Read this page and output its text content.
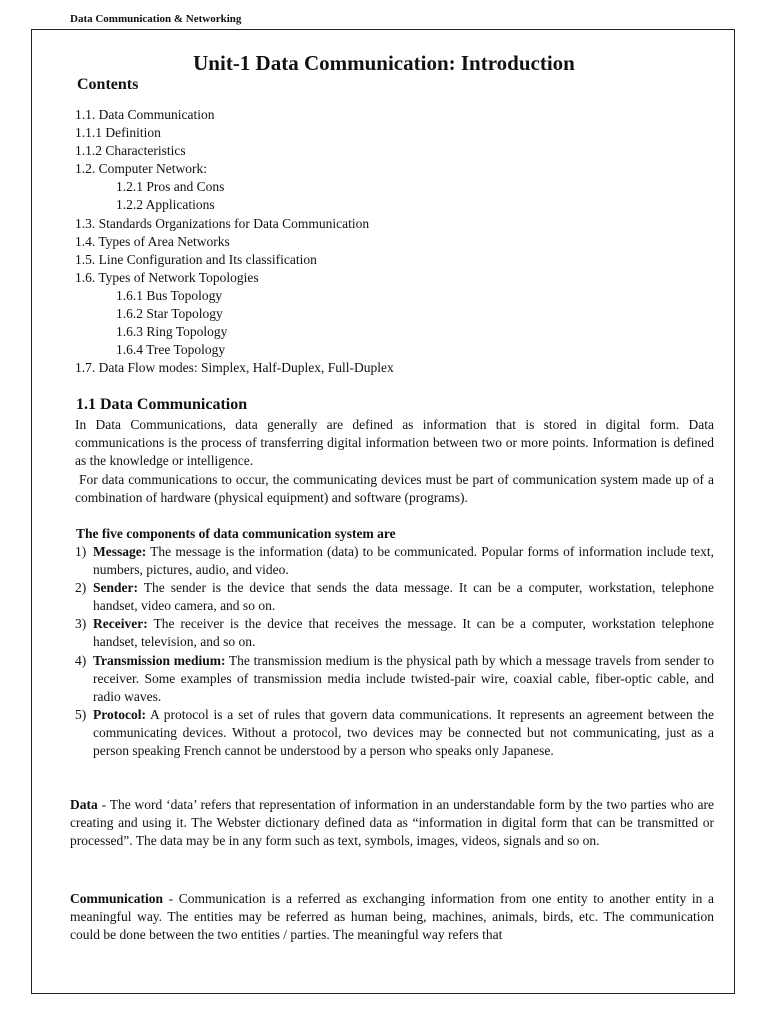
Data Communication & Networking
Unit-1 Data Communication: Introduction
Contents
1.1. Data Communication
1.1.1 Definition
1.1.2 Characteristics
1.2. Computer Network:
1.2.1 Pros and Cons
1.2.2 Applications
1.3. Standards Organizations for Data Communication
1.4. Types of Area Networks
1.5. Line Configuration and Its classification
1.6. Types of Network Topologies
1.6.1 Bus Topology
1.6.2 Star Topology
1.6.3 Ring Topology
1.6.4 Tree Topology
1.7. Data Flow modes: Simplex, Half-Duplex, Full-Duplex
1.1 Data Communication

In Data Communications, data generally are defined as information that is stored in digital form. Data communications is the process of transferring digital information between two or more points. Information is defined as the knowledge or intelligence.

For data communications to occur, the communicating devices must be part of communication system made up of a combination of hardware (physical equipment) and software (programs).

The five components of data communication system are
1) Message: The message is the information (data) to be communicated. Popular forms of information include text, numbers, pictures, audio, and video.
2) Sender: The sender is the device that sends the data message. It can be a computer, workstation, telephone handset, video camera, and so on.
3) Receiver: The receiver is the device that receives the message. It can be a computer, workstation telephone handset, television, and so on.
4) Transmission medium: The transmission medium is the physical path by which a message travels from sender to receiver. Some examples of transmission media include twisted-pair wire, coaxial cable, fiber-optic cable, and radio waves.
5) Protocol: A protocol is a set of rules that govern data communications. It represents an agreement between the communicating devices. Without a protocol, two devices may be connected but not communicating, just as a person speaking French cannot be understood by a person who speaks only Japanese.

Data - The word ‘data’ refers that representation of information in an understandable form by the two parties who are creating and using it. The Webster dictionary defined data as “information in digital form that can be transmitted or processed”. The data may be in any form such as text, symbols, images, videos, signals and so on.

Communication - Communication is a referred as exchanging information from one entity to another entity in a meaningful way. The entities may be referred as human being, machines, animals, birds, etc. The communication could be done between the two entities / parties. The meaningful way refers that
